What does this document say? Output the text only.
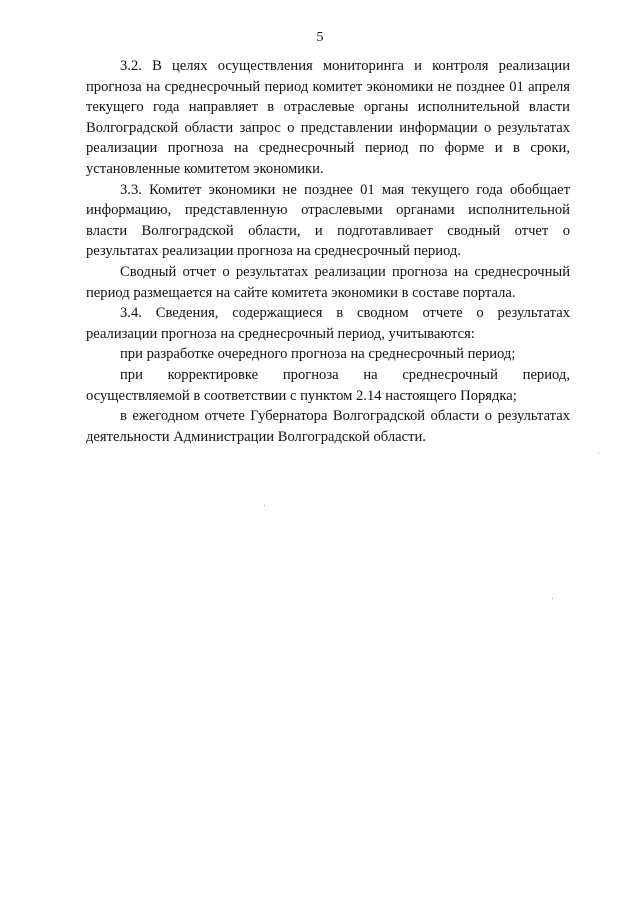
5

3.2. В целях осуществления мониторинга и контроля реализации прогноза на среднесрочный период комитет экономики не позднее 01 апреля текущего года направляет в отраслевые органы исполнительной власти Волгоградской области запрос о представлении информации о результатах реализации прогноза на среднесрочный период по форме и в сроки, установленные комитетом экономики.

3.3. Комитет экономики не позднее 01 мая текущего года обобщает информацию, представленную отраслевыми органами исполнительной власти Волгоградской области, и подготавливает сводный отчет о результатах реализации прогноза на среднесрочный период.

Сводный отчет о результатах реализации прогноза на среднесрочный период размещается на сайте комитета экономики в составе портала.

3.4. Сведения, содержащиеся в сводном отчете о результатах реализации прогноза на среднесрочный период, учитываются:

при разработке очередного прогноза на среднесрочный период;

при корректировке прогноза на среднесрочный период, осуществляемой в соответствии с пунктом 2.14 настоящего Порядка;

в ежегодном отчете Губернатора Волгоградской области о результатах деятельности Администрации Волгоградской области.
